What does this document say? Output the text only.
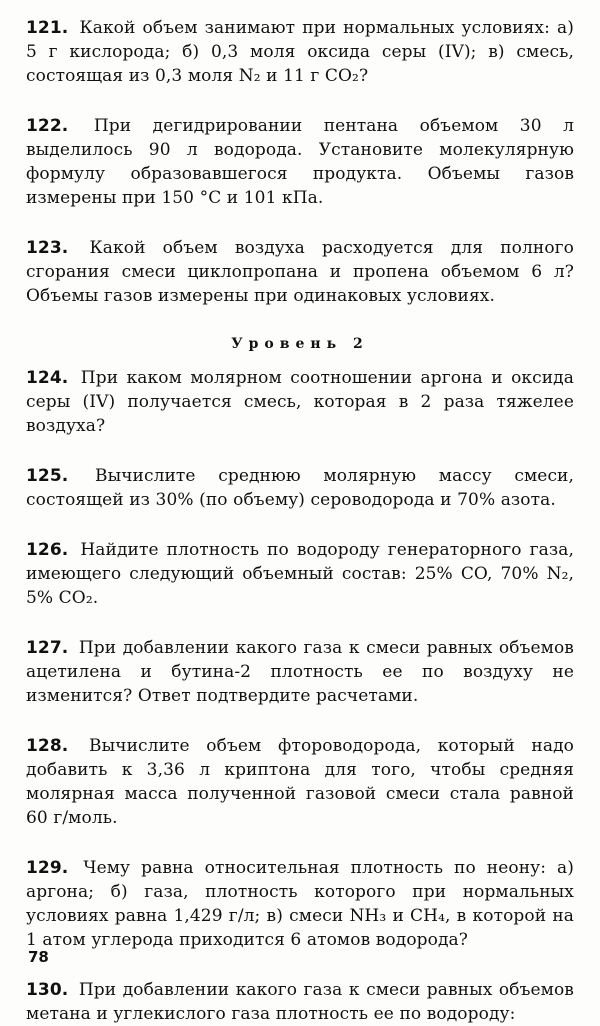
121. Какой объем занимают при нормальных условиях: а) 5 г кислорода; б) 0,3 моля оксида серы (IV); в) смесь, состоящая из 0,3 моля N₂ и 11 г CO₂?

122. При дегидрировании пентана объемом 30 л выделилось 90 л водорода. Установите молекулярную формулу образовавшегося продукта. Объемы газов измерены при 150 °С и 101 кПа.

123. Какой объем воздуха расходуется для полного сгорания смеси циклопропана и пропена объемом 6 л? Объемы газов измерены при одинаковых условиях.

Уровень 2

124. При каком молярном соотношении аргона и оксида серы (IV) получается смесь, которая в 2 раза тяжелее воздуха?

125. Вычислите среднюю молярную массу смеси, состоящей из 30% (по объему) сероводорода и 70% азота.

126. Найдите плотность по водороду генераторного газа, имеющего следующий объемный состав: 25% CO, 70% N₂, 5% CO₂.

127. При добавлении какого газа к смеси равных объемов ацетилена и бутина-2 плотность ее по воздуху не изменится? Ответ подтвердите расчетами.

128. Вычислите объем фтороводорода, который надо добавить к 3,36 л криптона для того, чтобы средняя молярная масса полученной газовой смеси стала равной 60 г/моль.

129. Чему равна относительная плотность по неону: а) аргона; б) газа, плотность которого при нормальных условиях равна 1,429 г/л; в) смеси NH₃ и CH₄, в которой на 1 атом углерода приходится 6 атомов водорода?

130. При добавлении какого газа к смеси равных объемов метана и углекислого газа плотность ее по водороду:

78
